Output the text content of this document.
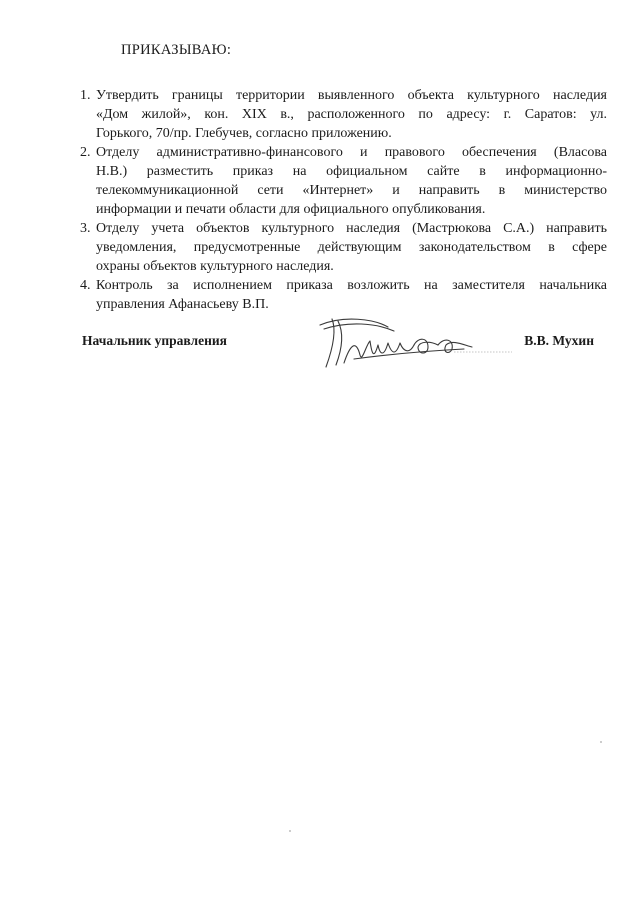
ПРИКАЗЫВАЮ:
1. Утвердить границы территории выявленного объекта культурного наследия
«Дом жилой», кон. XIX в., расположенного по адресу: г. Саратов: ул.
Горького, 70/пр. Глебучев, согласно приложению.
2. Отделу административно-финансового и правового обеспечения (Власова
Н.В.) разместить приказ на официальном сайте в информационно-
телекоммуникационной сети «Интернет» и направить в министерство
информации и печати области для официального опубликования.
3. Отделу учета объектов культурного наследия (Мастрюкова С.А.) направить
уведомления, предусмотренные действующим законодательством в сфере
охраны объектов культурного наследия.
4. Контроль за исполнением приказа возложить на заместителя начальника
управления Афанасьеву В.П.
Начальник управления	В.В. Мухин
